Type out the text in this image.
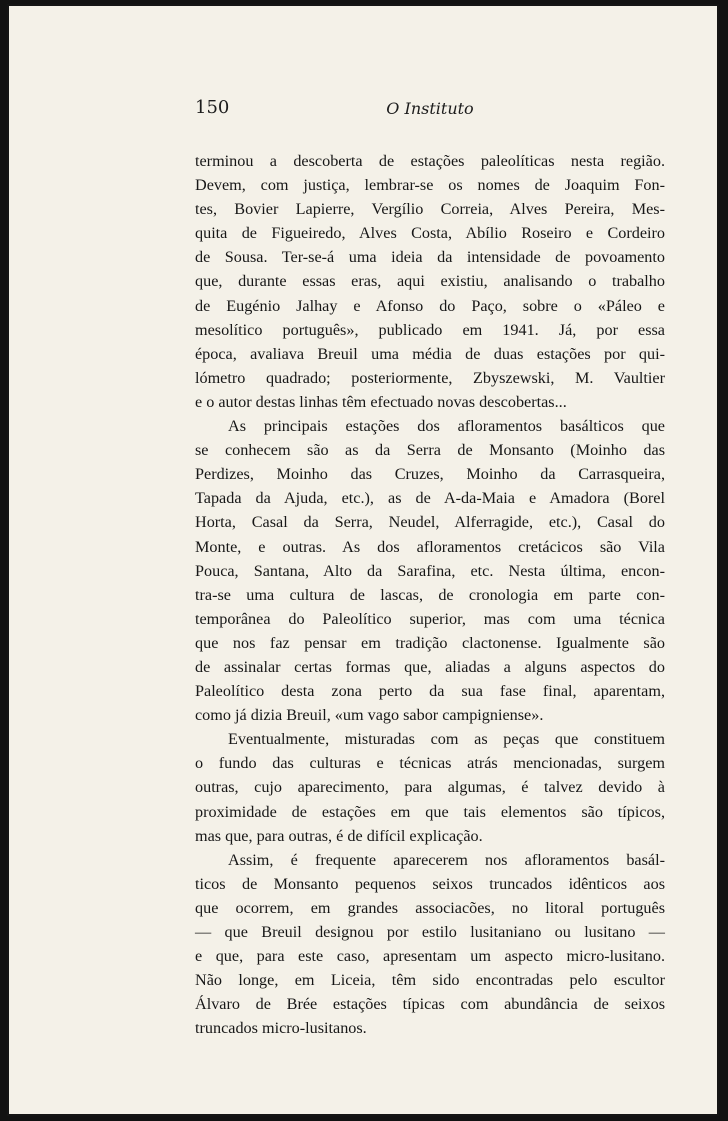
150	O Instituto
terminou a descoberta de estações paleolíticas nesta região.
Devem, com justiça, lembrar-se os nomes de Joaquim Fon-
tes, Bovier Lapierre, Vergílio Correia, Alves Pereira, Mes-
quita de Figueiredo, Alves Costa, Abílio Roseiro e Cordeiro
de Sousa. Ter-se-á uma ideia da intensidade de povoamento
que, durante essas eras, aqui existiu, analisando o trabalho
de Eugénio Jalhay e Afonso do Paço, sobre o «Páleo e
mesolítico português», publicado em 1941. Já, por essa
época, avaliava Breuil uma média de duas estações por qui-
lómetro quadrado; posteriormente, Zbyszewski, M. Vaultier
e o autor destas linhas têm efectuado novas descobertas...
As principais estações dos afloramentos basálticos que
se conhecem são as da Serra de Monsanto (Moinho das
Perdizes, Moinho das Cruzes, Moinho da Carrasqueira,
Tapada da Ajuda, etc.), as de A-da-Maia e Amadora (Borel
Horta, Casal da Serra, Neudel, Alferragide, etc.), Casal do
Monte, e outras. As dos afloramentos cretácicos são Vila
Pouca, Santana, Alto da Sarafina, etc. Nesta última, encon-
tra-se uma cultura de lascas, de cronologia em parte con-
temporânea do Paleolítico superior, mas com uma técnica
que nos faz pensar em tradição clactonense. Igualmente são
de assinalar certas formas que, aliadas a alguns aspectos do
Paleolítico desta zona perto da sua fase final, aparentam,
como já dizia Breuil, «um vago sabor campigniense».
Eventualmente, misturadas com as peças que constituem
o fundo das culturas e técnicas atrás mencionadas, surgem
outras, cujo aparecimento, para algumas, é talvez devido à
proximidade de estações em que tais elementos são típicos,
mas que, para outras, é de difícil explicação.
Assim, é frequente aparecerem nos afloramentos basál-
ticos de Monsanto pequenos seixos truncados idênticos aos
que ocorrem, em grandes associacões, no litoral português
— que Breuil designou por estilo lusitaniano ou lusitano —
e que, para este caso, apresentam um aspecto micro-lusitano.
Não longe, em Liceia, têm sido encontradas pelo escultor
Álvaro de Brée estações típicas com abundância de seixos
truncados micro-lusitanos.
